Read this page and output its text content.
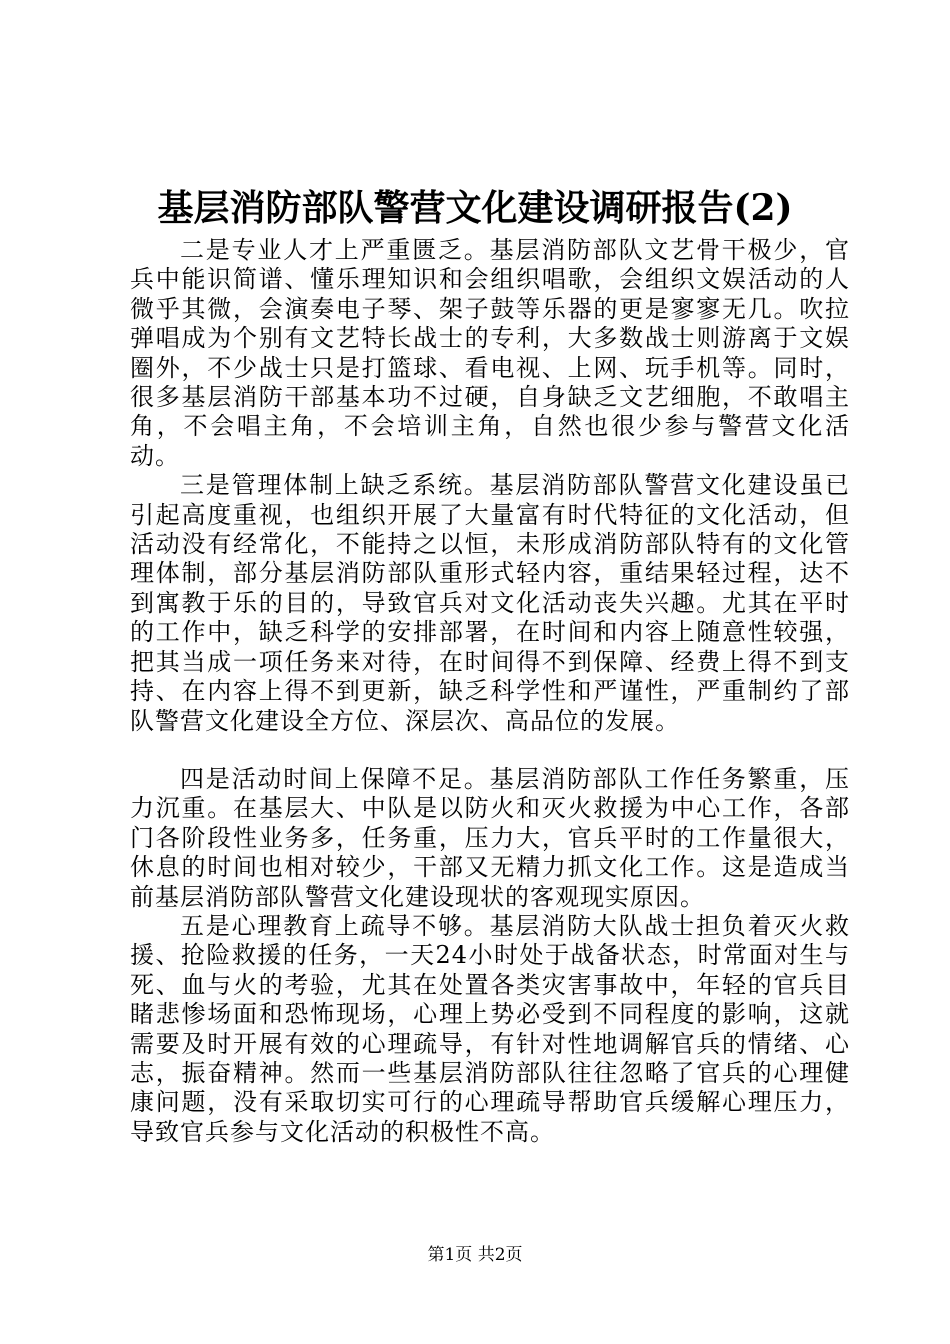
基层消防部队警营文化建设调研报告(2)

二是专业人才上严重匮乏。基层消防部队文艺骨干极少，官兵中能识简谱、懂乐理知识和会组织唱歌，会组织文娱活动的人微乎其微，会演奏电子琴、架子鼓等乐器的更是寥寥无几。吹拉弹唱成为个别有文艺特长战士的专利，大多数战士则游离于文娱圈外，不少战士只是打篮球、看电视、上网、玩手机等。同时，很多基层消防干部基本功不过硬，自身缺乏文艺细胞，不敢唱主角，不会唱主角，不会培训主角，自然也很少参与警营文化活动。

三是管理体制上缺乏系统。基层消防部队警营文化建设虽已引起高度重视，也组织开展了大量富有时代特征的文化活动，但活动没有经常化，不能持之以恒，未形成消防部队特有的文化管理体制，部分基层消防部队重形式轻内容，重结果轻过程，达不到寓教于乐的目的，导致官兵对文化活动丧失兴趣。尤其在平时的工作中，缺乏科学的安排部署，在时间和内容上随意性较强，把其当成一项任务来对待，在时间得不到保障、经费上得不到支持、在内容上得不到更新，缺乏科学性和严谨性，严重制约了部队警营文化建设全方位、深层次、高品位的发展。

四是活动时间上保障不足。基层消防部队工作任务繁重，压力沉重。在基层大、中队是以防火和灭火救援为中心工作，各部门各阶段性业务多，任务重，压力大，官兵平时的工作量很大，休息的时间也相对较少，干部又无精力抓文化工作。这是造成当前基层消防部队警营文化建设现状的客观现实原因。

五是心理教育上疏导不够。基层消防大队战士担负着灭火救援、抢险救援的任务，一天24小时处于战备状态，时常面对生与死、血与火的考验，尤其在处置各类灾害事故中，年轻的官兵目睹悲惨场面和恐怖现场，心理上势必受到不同程度的影响，这就需要及时开展有效的心理疏导，有针对性地调解官兵的情绪、心志，振奋精神。然而一些基层消防部队往往忽略了官兵的心理健康问题，没有采取切实可行的心理疏导帮助官兵缓解心理压力，导致官兵参与文化活动的积极性不高。

第1页 共2页
